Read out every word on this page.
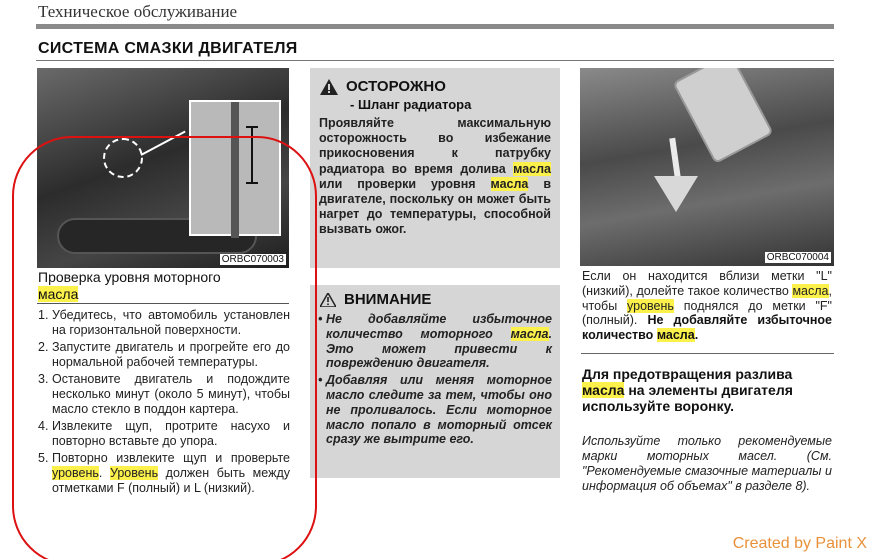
Техническое обслуживание
СИСТЕМА СМАЗКИ ДВИГАТЕЛЯ
ORBC070003
Проверка уровня моторного
масла
1. Убедитесь, что автомобиль установлен на горизонтальной поверхности.
2. Запустите двигатель и прогрейте его до нормальной рабочей температуры.
3. Остановите двигатель и подождите несколько минут (около 5 минут), чтобы масло стекло в поддон картера.
4. Извлеките щуп, протрите насухо и повторно вставьте до упора.
5. Повторно извлеките щуп и проверьте уровень. Уровень должен быть между отметками F (полный) и L (низкий).
ОСТОРОЖНО
- Шланг радиатора
Проявляйте максимальную осторожность во избежание прикосновения к патрубку радиатора во время долива масла или проверки уровня масла в двигателе, поскольку он может быть нагрет до температуры, способной вызвать ожог.
ВНИМАНИЕ
• Не добавляйте избыточное количество моторного масла. Это может привести к повреждению двигателя.
• Добавляя или меняя моторное масло следите за тем, чтобы оно не проливалось. Если моторное масло попало в моторный отсек сразу же вытрите его.
ORBC070004
Если он находится вблизи метки "L" (низкий), долейте такое количество масла, чтобы уровень поднялся до метки "F" (полный). Не добавляйте избыточное количество масла.
Для предотвращения разлива масла на элементы двигателя используйте воронку.
Используйте только рекомендуемые марки моторных масел. (См. "Рекомендуемые смазочные материалы и информация об объемах" в разделе 8).
Created by Paint X
